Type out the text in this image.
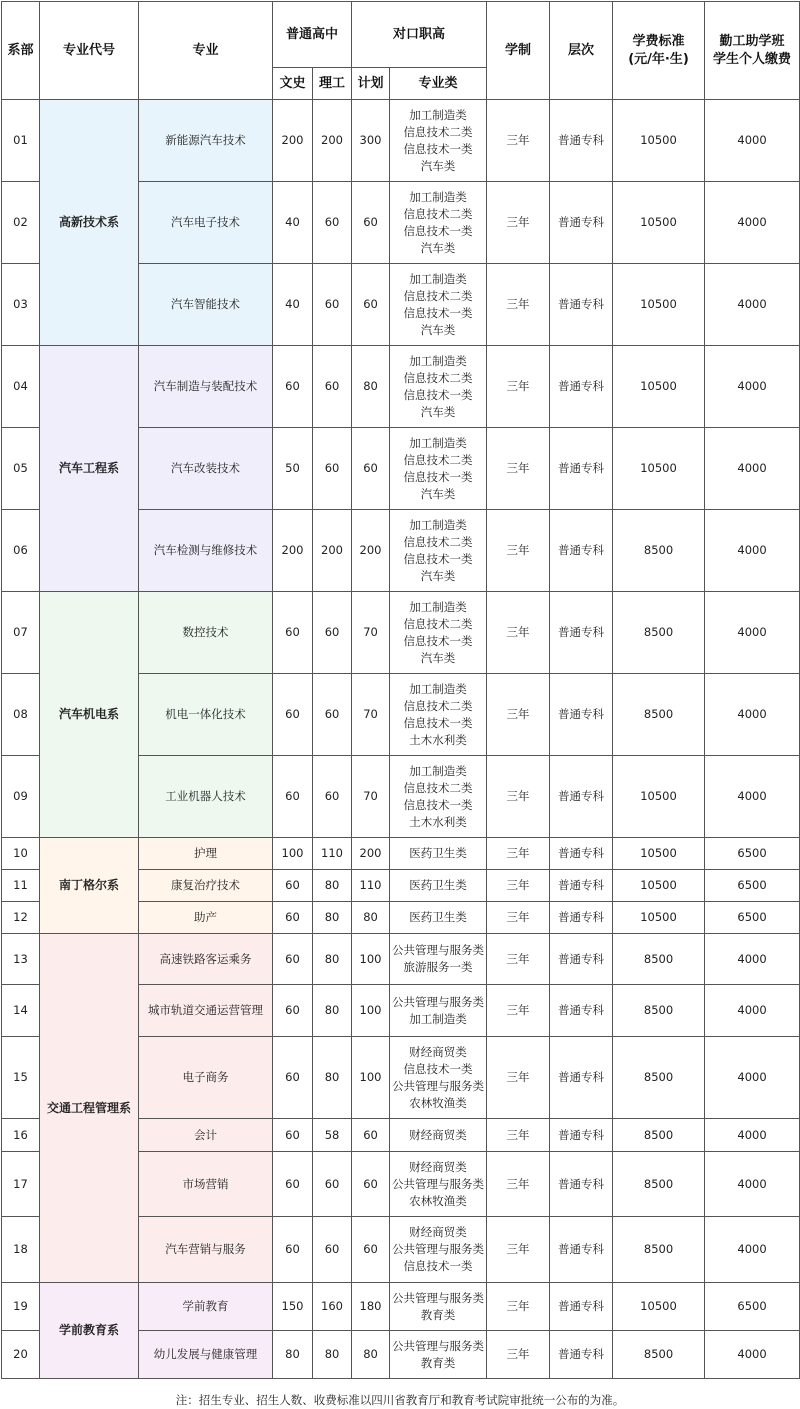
系部	专业代号	专业	普通高中		对口职高		学制	层次	学费标准
(元/年·生)	勤工助学班
学生个人缴费

			文史	理工	计划	专业类				
01	高新技术系	新能源汽车技术	200	200	300	加工制造类
信息技术二类
信息技术一类
汽车类	三年	普通专科	10500	4000
02		汽车电子技术	40	60	60	加工制造类
信息技术二类
信息技术一类
汽车类	三年	普通专科	10500	4000
03		汽车智能技术	40	60	60	加工制造类
信息技术二类
信息技术一类
汽车类	三年	普通专科	10500	4000
04	汽车工程系	汽车制造与装配技术	60	60	80	加工制造类
信息技术二类
信息技术一类
汽车类	三年	普通专科	10500	4000
05		汽车改装技术	50	60	60	加工制造类
信息技术二类
信息技术一类
汽车类	三年	普通专科	10500	4000
06		汽车检测与维修技术	200	200	200	加工制造类
信息技术二类
信息技术一类
汽车类	三年	普通专科	8500	4000
07	汽车机电系	数控技术	60	60	70	加工制造类
信息技术二类
信息技术一类
汽车类	三年	普通专科	8500	4000
08		机电一体化技术	60	60	70	加工制造类
信息技术二类
信息技术一类
土木水利类	三年	普通专科	8500	4000
09		工业机器人技术	60	60	70	加工制造类
信息技术二类
信息技术一类
土木水利类	三年	普通专科	10500	4000
10	南丁格尔系	护理	100	110	200	医药卫生类	三年	普通专科	10500	6500
11		康复治疗技术	60	80	110	医药卫生类	三年	普通专科	10500	6500
12		助产	60	80	80	医药卫生类	三年	普通专科	10500	6500
13	交通工程管理系	高速铁路客运乘务	60	80	100	公共管理与服务类
旅游服务一类	三年	普通专科	8500	4000
14		城市轨道交通运营管理	60	80	100	公共管理与服务类
加工制造类	三年	普通专科	8500	4000
15		电子商务	60	80	100	财经商贸类
信息技术一类
公共管理与服务类
农林牧渔类	三年	普通专科	8500	4000
16		会计	60	58	60	财经商贸类	三年	普通专科	8500	4000
17		市场营销	60	60	60	财经商贸类
公共管理与服务类
农林牧渔类	三年	普通专科	8500	4000
18		汽车营销与服务	60	60	60	财经商贸类
公共管理与服务类
信息技术一类	三年	普通专科	8500	4000
19	学前教育系	学前教育	150	160	180	公共管理与服务类
教育类	三年	普通专科	10500	6500
20		幼儿发展与健康管理	80	80	80	公共管理与服务类
教育类	三年	普通专科	8500	4000
注：招生专业、招生人数、收费标准以四川省教育厅和教育考试院审批统一公布的为准。
